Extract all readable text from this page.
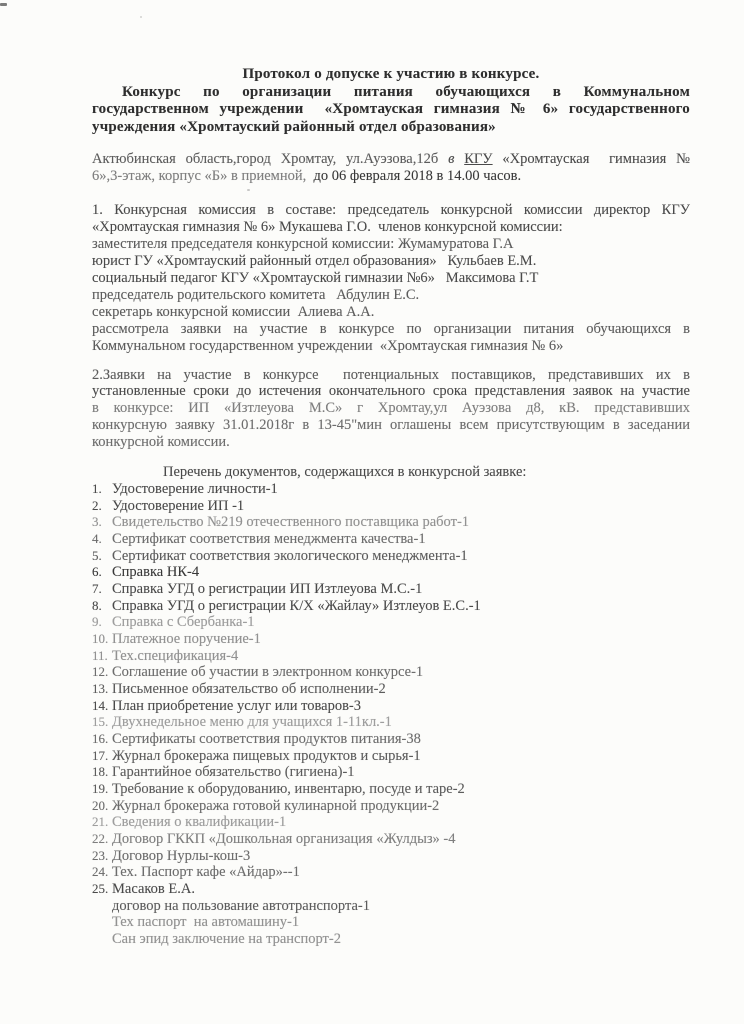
Протокол о допуске к участию в конкурсе.
Конкурс по организации питания обучающихся в Коммунальном
государственном учреждении  «Хромтауская гимназия № 6» государственного
учреждения «Хромтауский районный отдел образования»
Актюбинская область,город Хромтау, ул.Ауэзова,12б в КГУ «Хромтауская  гимназия №
6»,3-этаж, корпус «Б» в приемной,  до 06 февраля 2018 в 14.00 часов.
1. Конкурсная комиссия в составе: председатель конкурсной комиссии директор КГУ
«Хромтауская гимназия № 6» Мукашева Г.О.  членов конкурсной комиссии:
заместителя председателя конкурсной комиссии: Жумамуратова Г.А
юрист ГУ «Хромтауский районный отдел образования»   Кульбаев Е.М.
социальный педагог КГУ «Хромтауской гимназии №6»   Максимова Г.Т
председатель родительского комитета   Абдулин Е.С.
секретарь конкурсной комиссии  Алиева А.А.
рассмотрела заявки на участие в конкурсе по организации питания обучающихся в
Коммунальном государственном учреждении  «Хромтауская гимназия № 6»
2.Заявки на участие в конкурсе  потенциальных поставщиков, представивших их в
установленные сроки до истечения окончательного срока представления заявок на участие
в конкурсе: ИП «Изтлеуова М.С» г Хромтау,ул Ауэзова д8, кВ. представивших
конкурсную заявку 31.01.2018г в 13-45"мин оглашены всем присутствующим в заседании
конкурсной комиссии.
Перечень документов, содержащихся в конкурсной заявке:
1. Удостоверение личности-1
2. Удостоверение ИП -1
3. Свидетельство №219 отечественного поставщика работ-1
4. Сертификат соответствия менеджмента качества-1
5. Сертификат соответствия экологического менеджмента-1
6. Справка НК-4
7. Справка УГД о регистрации ИП Изтлеуова М.С.-1
8. Справка УГД о регистрации К/Х «Жайлау» Изтлеуов Е.С.-1
9. Справка с Сбербанка-1
10. Платежное поручение-1
11. Тех.спецификация-4
12. Соглашение об участии в электронном конкурсе-1
13. Письменное обязательство об исполнении-2
14. План приобретение услуг или товаров-3
15. Двухнедельное меню для учащихся 1-11кл.-1
16. Сертификаты соответствия продуктов питания-38
17. Журнал брокеража пищевых продуктов и сырья-1
18. Гарантийное обязательство (гигиена)-1
19. Требование к оборудованию, инвентарю, посуде и таре-2
20. Журнал брокеража готовой кулинарной продукции-2
21. Сведения о квалификации-1
22. Договор ГККП «Дошкольная организация «Жулдыз» -4
23. Договор Нурлы-кош-3
24. Тех. Паспорт кафе «Айдар»--1
25. Масаков Е.А.
договор на пользование автотранспорта-1
Тех паспорт  на автомашину-1
Сан эпид заключение на транспорт-2
